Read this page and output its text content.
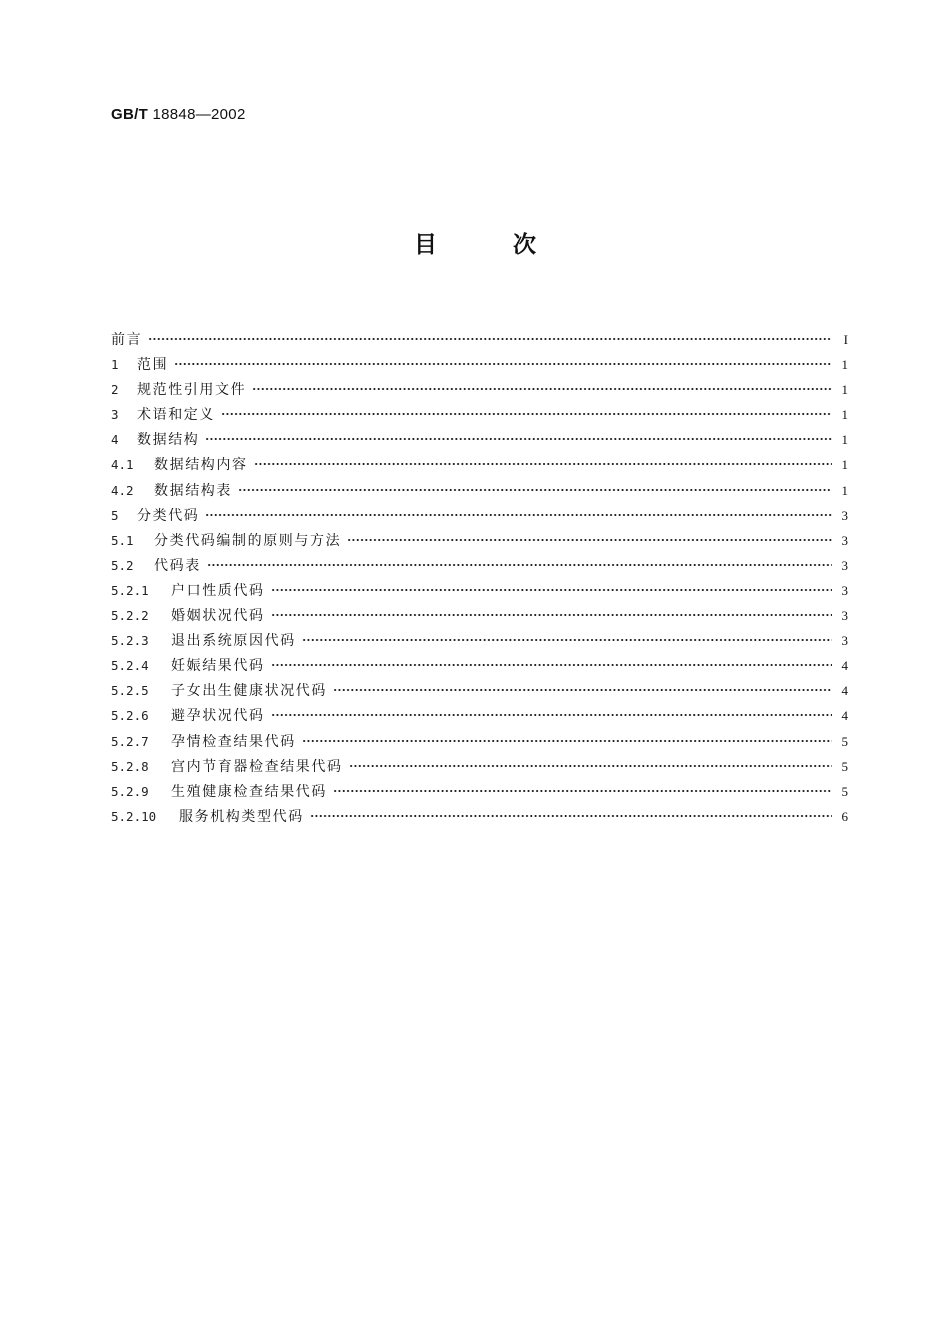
GB/T 18848—2002
目次
前言	I
1	范围	1
2	规范性引用文件	1
3	术语和定义	1
4	数据结构	1
4.1	数据结构内容	1
4.2	数据结构表	1
5	分类代码	3
5.1	分类代码编制的原则与方法	3
5.2	代码表	3
5.2.1	户口性质代码	3
5.2.2	婚姻状况代码	3
5.2.3	退出系统原因代码	3
5.2.4	妊娠结果代码	4
5.2.5	子女出生健康状况代码	4
5.2.6	避孕状况代码	4
5.2.7	孕情检查结果代码	5
5.2.8	宫内节育器检查结果代码	5
5.2.9	生殖健康检查结果代码	5
5.2.10	服务机构类型代码	6
